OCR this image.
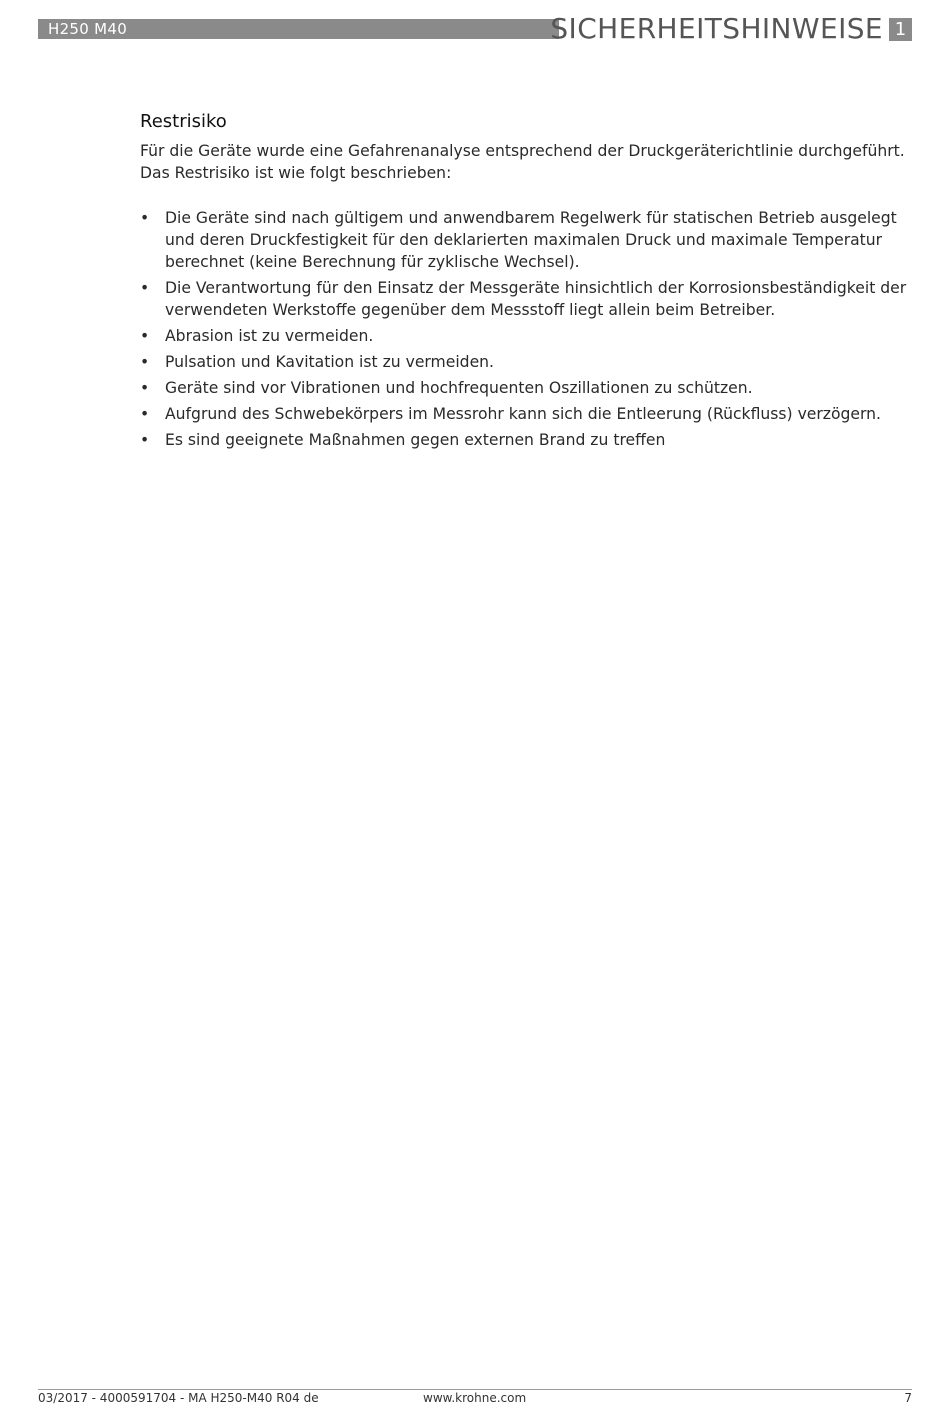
H250 M40	SICHERHEITSHINWEISE 1
Restrisiko

Für die Geräte wurde eine Gefahrenanalyse entsprechend der Druckgeräterichtlinie durchgeführt. Das Restrisiko ist wie folgt beschrieben:

• Die Geräte sind nach gültigem und anwendbarem Regelwerk für statischen Betrieb ausgelegt und deren Druckfestigkeit für den deklarierten maximalen Druck und maximale Temperatur berechnet (keine Berechnung für zyklische Wechsel).
• Die Verantwortung für den Einsatz der Messgeräte hinsichtlich der Korrosionsbeständigkeit der verwendeten Werkstoffe gegenüber dem Messstoff liegt allein beim Betreiber.
• Abrasion ist zu vermeiden.
• Pulsation und Kavitation ist zu vermeiden.
• Geräte sind vor Vibrationen und hochfrequenten Oszillationen zu schützen.
• Aufgrund des Schwebekörpers im Messrohr kann sich die Entleerung (Rückfluss) verzögern.
• Es sind geeignete Maßnahmen gegen externen Brand zu treffen
03/2017 - 4000591704 - MA H250-M40 R04 de	www.krohne.com	7
